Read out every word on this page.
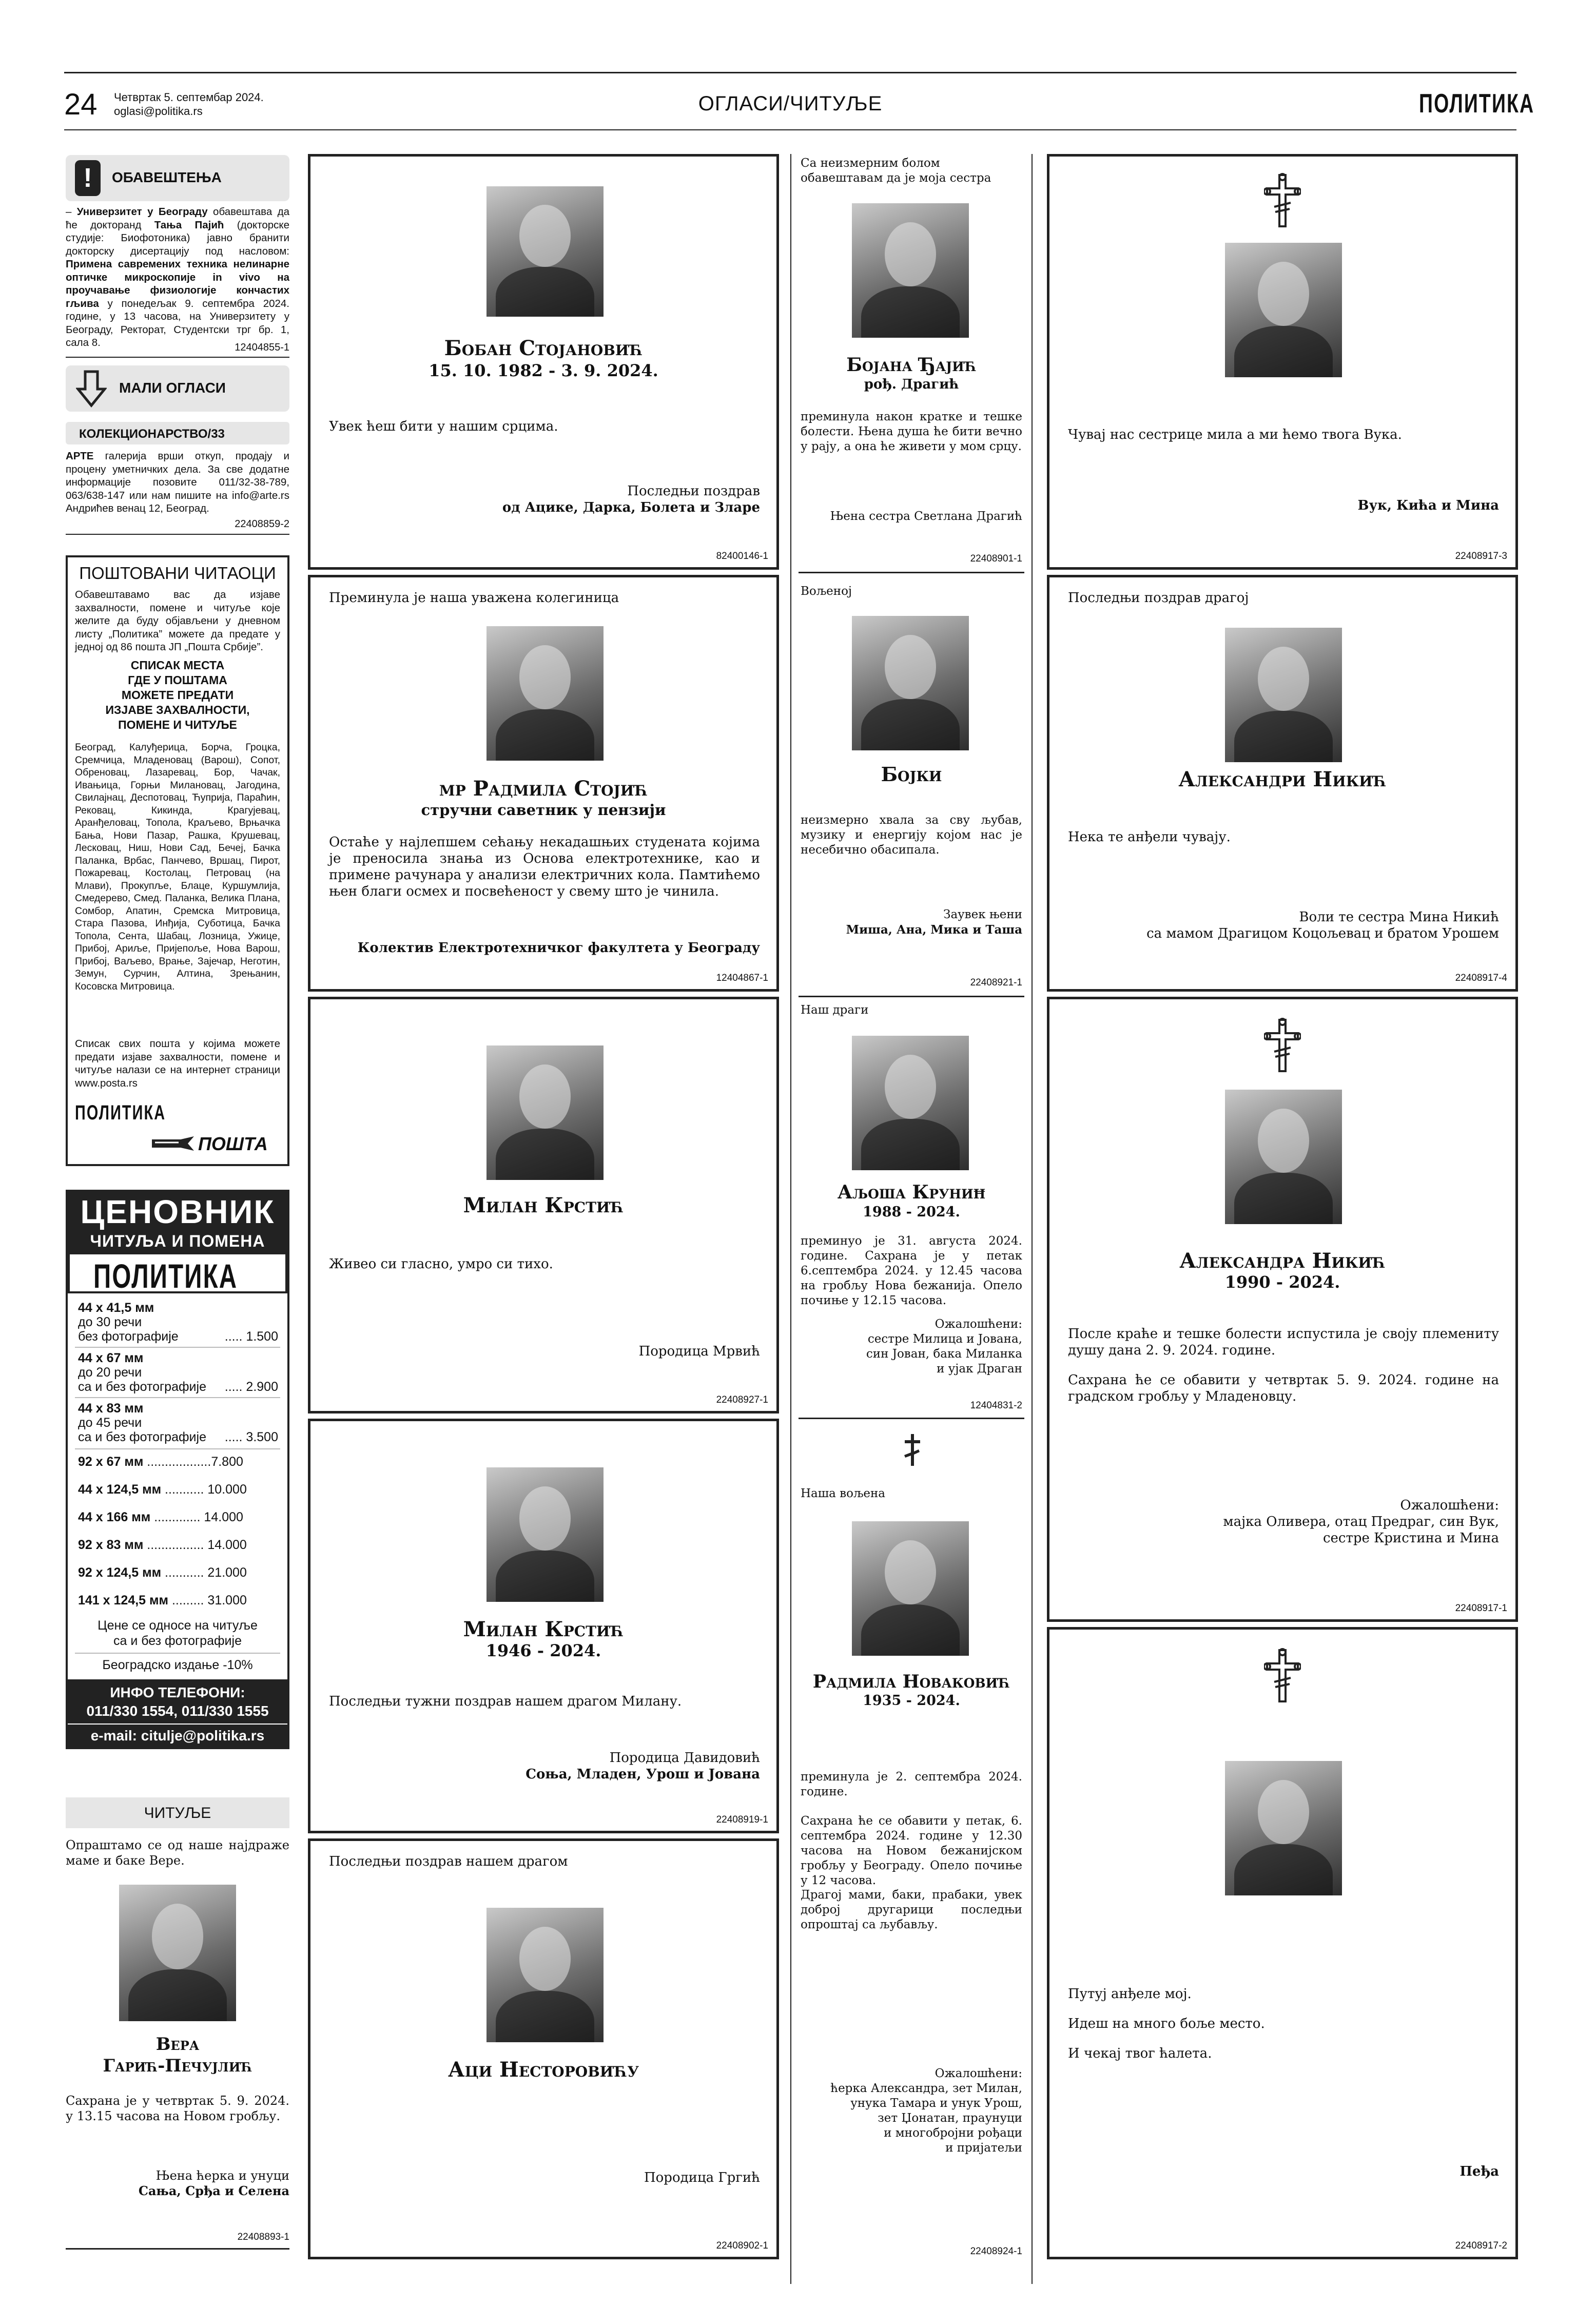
24 Четвртак 5. септембар 2024.
oglasi@politika.rs	ОГЛАСИ/ЧИТУЉЕ	ПОЛИТИКА
!	ОБАВЕШТЕЊА
– Универзитет у Београду обавештава да ће докторанд Тања Пајић (докторске студије: Биофотоника) јавно бранити докторску дисертацију под насловом: Примена савремених техника нелинарне оптичке микроскопије in vivo на проучавање физиологије кончастих гљива у понедељак 9. септембра 2024. године, у 13 часова, на Универзитету у Београду, Ректорат, Студентски трг бр. 1, сала 8.	12404855-1
МАЛИ ОГЛАСИ
КОЛЕКЦИОНАРСТВО/33
АРТЕ галерија врши откуп, продају и процену уметничких дела. За све додатне информације позовите 011/32-38-789, 063/638-147 или нам пишите на info@arte.rs Андрићев венац 12, Београд.
22408859-2
ПОШТОВАНИ ЧИТАОЦИ
Обавештавамо вас да изјаве захвалности, помене и читуље које желите да буду објављени у дневном листу „Политика” можете да предате у једној од 86 пошта ЈП „Пошта Србије”.
СПИСАК МЕСТА
ГДЕ У ПОШТАМА
МОЖЕТЕ ПРЕДАТИ
ИЗЈАВЕ ЗАХВАЛНОСТИ,
ПОМЕНЕ И ЧИТУЉЕ
Београд, Калуђерица, Борча, Гроцка, Сремчица, Младеновац (Варош), Сопот, Обреновац, Лазаревац, Бор, Чачак, Ивањица, Горњи Милановац, Јагодина, Свилајнац, Деспотовац, Ћуприја, Параћин, Рековац, Кикинда, Крагујевац, Аранђеловац, Топола, Краљево, Врњачка Бања, Нови Пазар, Рашка, Крушевац, Лесковац, Ниш, Нови Сад, Бечеј, Бачка Паланка, Врбас, Панчево, Вршац, Пирот, Пожаревац, Костолац, Петровац (на Млави), Прокупље, Блаце, Куршумлија, Смедерево, Смед. Паланка, Велика Плана, Сомбор, Апатин, Сремска Митровица, Стара Пазова, Инђија, Суботица, Бачка Топола, Сента, Шабац, Лозница, Ужице, Прибој, Ариље, Пријепоље, Нова Варош, Прибој, Ваљево, Врање, Зајечар, Неготин, Земун, Сурчин, Алтина, Зрењанин, Косовска Митровица.
Списак свих пошта у којима можете предати изјаве захвалности, помене и читуље налази се на интернет страници www.posta.rs
ПОЛИТИКА
ПОШТА
ЦЕНОВНИК
ЧИТУЉА И ПОМЕНА
ПОЛИТИКА
44 x 41,5 мм
до 30 речи
без фотографије	..... 1.500
44 x 67 мм
до 20 речи
са и без фотографије ..... 2.900
44 x 83 мм
до 45 речи
са и без фотографије ..... 3.500
92 x 67 мм ..................7.800
44 x 124,5 мм ........... 10.000
44 x 166 мм ............. 14.000
92 x 83 мм ................ 14.000
92 x 124,5 мм ........... 21.000
141 x 124,5 мм ......... 31.000
Цене се односе на читуље
са и без фотографије
Београдско издање -10%
ИНФО ТЕЛЕФОНИ:
011/330 1554, 011/330 1555
e-mail: citulje@politika.rs
ЧИТУЉЕ
Опраштамо се од наше најдраже маме и баке Вере.
Вера
Гарић-Печујлић
Сахрана је у четвртак 5. 9. 2024. у 13.15 часова на Новом гробљу.
Њена ћерка и унуци
Сања, Срђа и Селена
22408893-1
Бобан Стојановић
15. 10. 1982 - 3. 9. 2024.
Увек ћеш бити у нашим срцима.
Последњи поздрав
од Ацике, Дарка, Болета и Зларе
82400146-1
Преминула је наша уважена колегиница
мр Радмила Стојић
стручни саветник у пензији
Остаће у најлепшем сећању некадашњих студената којима је преносила знања из Основа електротехнике, као и примене рачунара у анализи електричних кола. Памтићемо њен благи осмех и посвећеност у свему што је чинила.
Колектив Електротехничког факултета у Београду
12404867-1
Милан Крстић
Живео си гласно, умро си тихо.
Породица Мрвић
22408927-1
Милан Крстић
1946 - 2024.
Последњи тужни поздрав нашем драгом Милану.
Породица Давидовић
Соња, Младен, Урош и Јована
22408919-1
Последњи поздрав нашем драгом
Аци Несторовићу
Породица Гргић
22408902-1
Са неизмерним болом обавештавам да је моја сестра
Бојана Ђајић
рођ. Драгић
преминула након кратке и тешке болести. Њена душа ће бити вечно у рају, а она ће живети у мом срцу.
Њена сестра Светлана Драгић
22408901-1
Вољеној
Бојки
неизмерно хвала за сву љубав, музику и енергију којом нас је несебично обасипала.
Заувек њени
Миша, Ана, Мика и Таша
22408921-1
Наш драги
Аљоша Круниħ
1988 - 2024.
преминуо је 31. августа 2024. године. Сахрана је у петак 6.септембра 2024. у 12.45 часова на гробљу Нова бежанија. Опело почиње у 12.15 часова.
Ожалошћени:
сестре Милица и Јована,
син Јован, бака Миланка
и ујак Драган
12404831-2
Наша вољена
Радмила Новаковић
1935 - 2024.
преминула је 2. септембра 2024. године.
Сахрана ће се обавити у петак, 6. септембра 2024. године у 12.30 часова на Новом бежанијском гробљу у Београду. Опело почиње у 12 часова.
Драгој мами, баки, прабаки, увек доброј другарици последњи опроштај са љубављу.
Ожалошћени:
ћерка Александра, зет Милан,
унука Тамара и унук Урош,
зет Џонатан, праунуци
и многобројни рођаци
и пријатељи
22408924-1
Чувај нас сестрице мила а ми ћемо твога Вука.
Вук, Кића и Мина
22408917-3
Последњи поздрав драгој
Александри Никић
Нека те анђели чувају.
Воли те сестра Мина Никић
са мамом Драгицом Коцољевац и братом Урошем
22408917-4
Александра Никић
1990 - 2024.
После краће и тешке болести испустила је своју племениту душу дана 2. 9. 2024. године.
Сахрана ће се обавити у четвртак 5. 9. 2024. године на градском гробљу у Младеновцу.
Ожалошћени:
мајка Оливера, отац Предраг, син Вук,
сестре Кристина и Мина
22408917-1
Путуј анђеле мој.
Идеш на много боље место.
И чекај твог ћалета.
Пеђа
22408917-2
